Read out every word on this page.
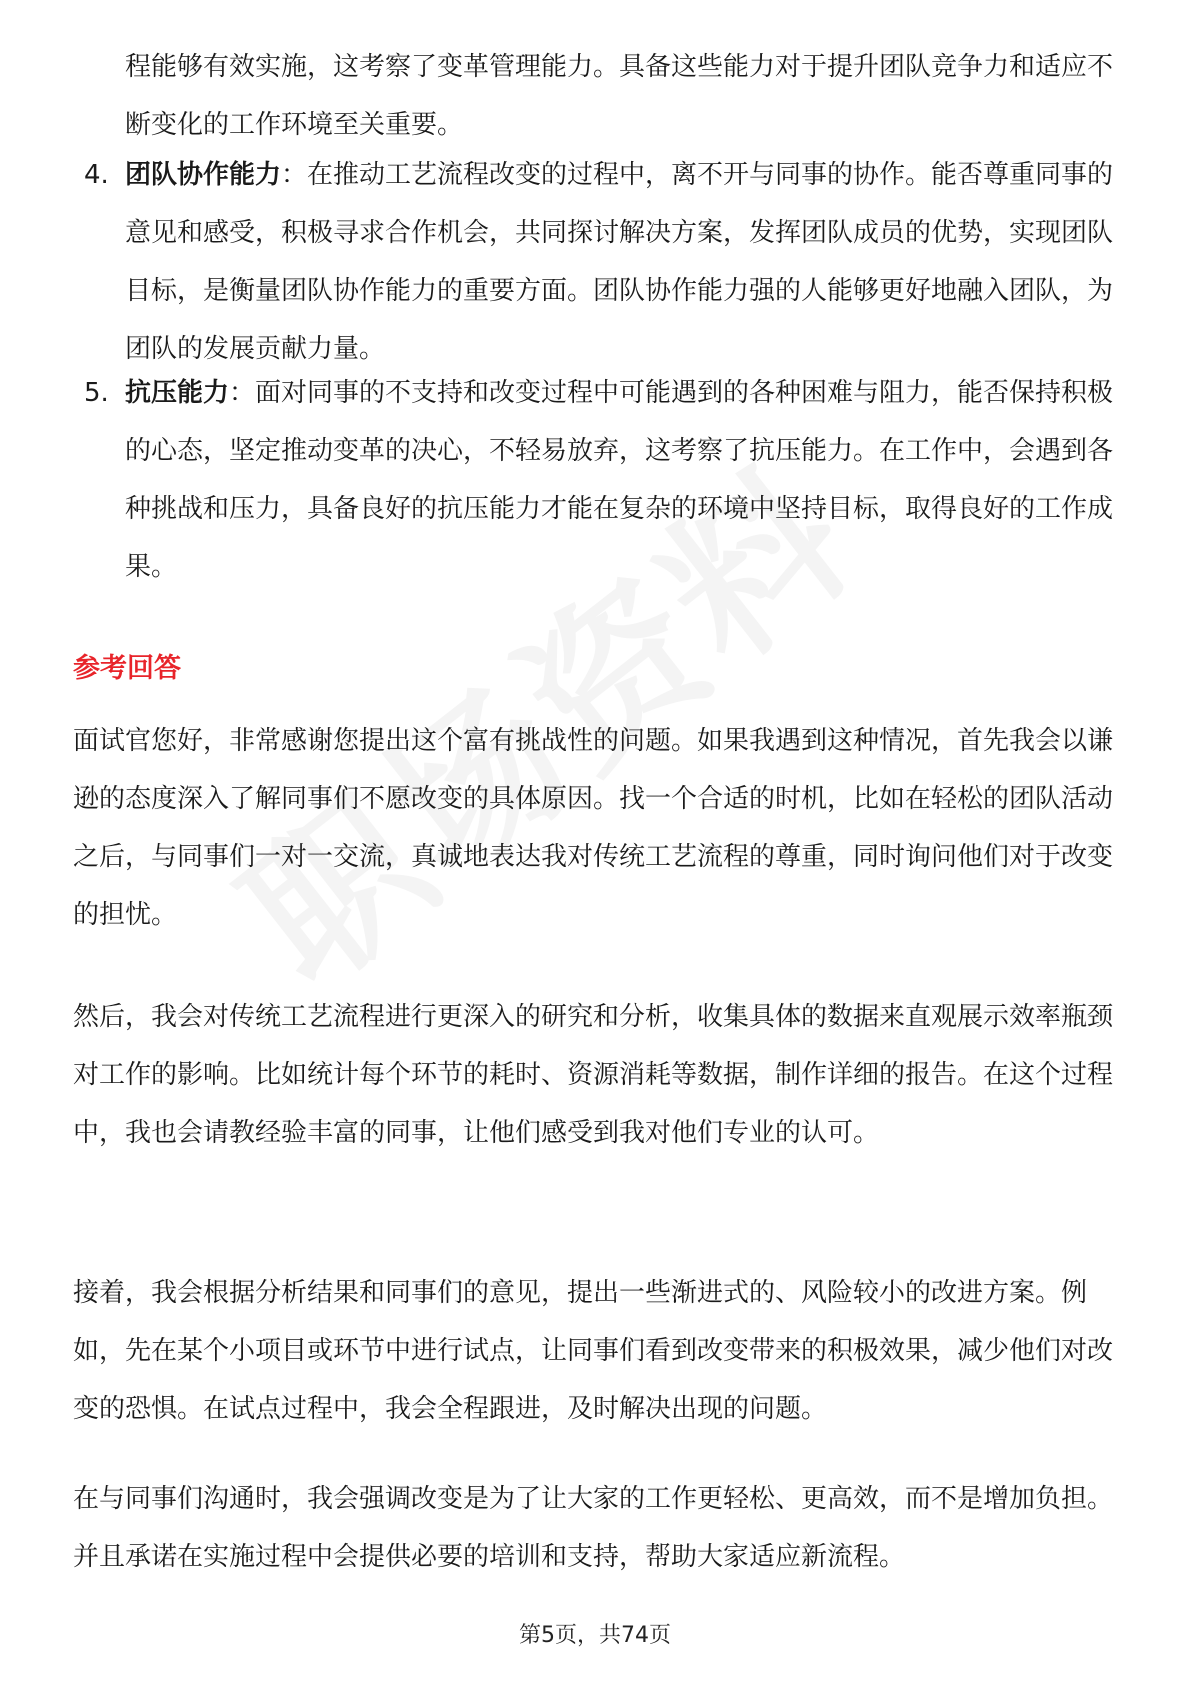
程能够有效实施，这考察了变革管理能力。具备这些能力对于提升团队竞争力和适应不断变化的工作环境至关重要。
4. 团队协作能力：在推动工艺流程改变的过程中，离不开与同事的协作。能否尊重同事的意见和感受，积极寻求合作机会，共同探讨解决方案，发挥团队成员的优势，实现团队目标，是衡量团队协作能力的重要方面。团队协作能力强的人能够更好地融入团队，为团队的发展贡献力量。
5. 抗压能力：面对同事的不支持和改变过程中可能遇到的各种困难与阻力，能否保持积极的心态，坚定推动变革的决心，不轻易放弃，这考察了抗压能力。在工作中，会遇到各种挑战和压力，具备良好的抗压能力才能在复杂的环境中坚持目标，取得良好的工作成果。
参考回答
面试官您好，非常感谢您提出这个富有挑战性的问题。如果我遇到这种情况，首先我会以谦逊的态度深入了解同事们不愿改变的具体原因。找一个合适的时机，比如在轻松的团队活动之后，与同事们一对一交流，真诚地表达我对传统工艺流程的尊重，同时询问他们对于改变的担忧。
然后，我会对传统工艺流程进行更深入的研究和分析，收集具体的数据来直观展示效率瓶颈对工作的影响。比如统计每个环节的耗时、资源消耗等数据，制作详细的报告。在这个过程中，我也会请教经验丰富的同事，让他们感受到我对他们专业的认可。
接着，我会根据分析结果和同事们的意见，提出一些渐进式的、风险较小的改进方案。例如，先在某个小项目或环节中进行试点，让同事们看到改变带来的积极效果，减少他们对改变的恐惧。在试点过程中，我会全程跟进，及时解决出现的问题。
在与同事们沟通时，我会强调改变是为了让大家的工作更轻松、更高效，而不是增加负担。并且承诺在实施过程中会提供必要的培训和支持，帮助大家适应新流程。
第5页，共74页
